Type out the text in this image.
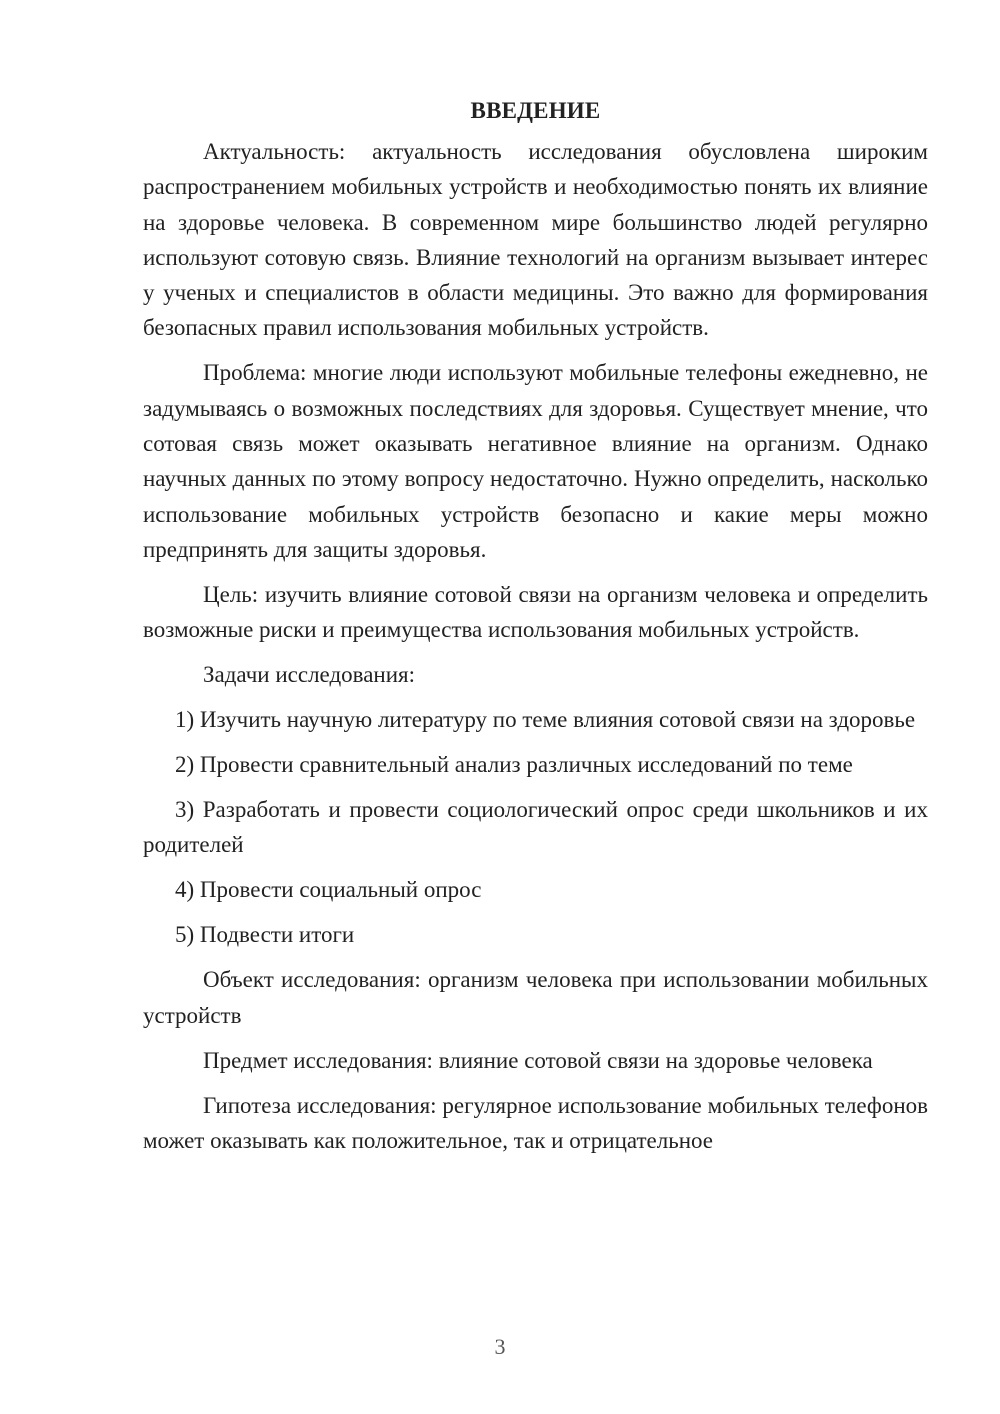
ВВЕДЕНИЕ

Актуальность: актуальность исследования обусловлена широким распространением мобильных устройств и необходимостью понять их влияние на здоровье человека. В современном мире большинство людей регулярно используют сотовую связь. Влияние технологий на организм вызывает интерес у ученых и специалистов в области медицины. Это важно для формирования безопасных правил использования мобильных устройств.

Проблема: многие люди используют мобильные телефоны ежедневно, не задумываясь о возможных последствиях для здоровья. Существует мнение, что сотовая связь может оказывать негативное влияние на организм. Однако научных данных по этому вопросу недостаточно. Нужно определить, насколько использование мобильных устройств безопасно и какие меры можно предпринять для защиты здоровья.

Цель: изучить влияние сотовой связи на организм человека и определить возможные риски и преимущества использования мобильных устройств.

Задачи исследования:

1) Изучить научную литературу по теме влияния сотовой связи на здоровье

2) Провести сравнительный анализ различных исследований по теме

3) Разработать и провести социологический опрос среди школьников и их родителей

4) Провести социальный опрос

5) Подвести итоги

Объект исследования: организм человека при использовании мобильных устройств

Предмет исследования: влияние сотовой связи на здоровье человека

Гипотеза исследования: регулярное использование мобильных телефонов может оказывать как положительное, так и отрицательное

3
